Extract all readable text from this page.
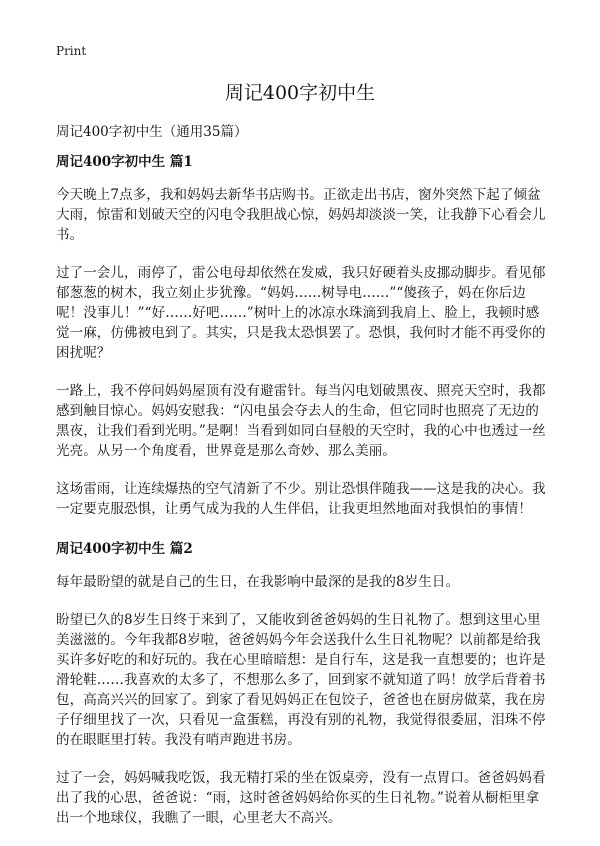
Print
周记400字初中生
周记400字初中生（通用35篇）
周记400字初中生 篇1

今天晚上7点多，我和妈妈去新华书店购书。正欲走出书店，窗外突然下起了倾盆大雨，惊雷和划破天空的闪电令我胆战心惊，妈妈却淡淡一笑，让我静下心看会儿书。

过了一会儿，雨停了，雷公电母却依然在发威，我只好硬着头皮挪动脚步。看见郁郁葱葱的树木，我立刻止步犹豫。“妈妈……树导电……”“傻孩子，妈在你后边呢！没事儿！”“好……好吧……”树叶上的冰凉水珠滴到我肩上、脸上，我顿时感觉一麻，仿佛被电到了。其实，只是我太恐惧罢了。恐惧，我何时才能不再受你的困扰呢？

一路上，我不停问妈妈屋顶有没有避雷针。每当闪电划破黑夜、照亮天空时，我都感到触目惊心。妈妈安慰我：“闪电虽会夺去人的生命，但它同时也照亮了无边的黑夜，让我们看到光明。”是啊！当看到如同白昼般的天空时，我的心中也透过一丝光亮。从另一个角度看，世界竟是那么奇妙、那么美丽。

这场雷雨，让连续爆热的空气清新了不少。别让恐惧伴随我——这是我的决心。我一定要克服恐惧，让勇气成为我的人生伴侣，让我更坦然地面对我惧怕的事情！

周记400字初中生 篇2

每年最盼望的就是自己的生日，在我影响中最深的是我的8岁生日。

盼望已久的8岁生日终于来到了，又能收到爸爸妈妈的生日礼物了。想到这里心里美滋滋的。今年我都8岁啦，爸爸妈妈今年会送我什么生日礼物呢？以前都是给我买许多好吃的和好玩的。我在心里暗暗想：是自行车，这是我一直想要的；也许是滑轮鞋……我喜欢的太多了，不想那么多了，回到家不就知道了吗！放学后背着书包，高高兴兴的回家了。到家了看见妈妈正在包饺子，爸爸也在厨房做菜，我在房子仔细里找了一次，只看见一盒蛋糕，再没有别的礼物，我觉得很委屈，泪珠不停的在眼眶里打转。我没有哨声跑进书房。

过了一会，妈妈喊我吃饭，我无精打采的坐在饭桌旁，没有一点胃口。爸爸妈妈看出了我的心思，爸爸说：“雨，这时爸爸妈妈给你买的生日礼物。”说着从橱柜里拿出一个地球仪，我瞧了一眼，心里老大不高兴。
